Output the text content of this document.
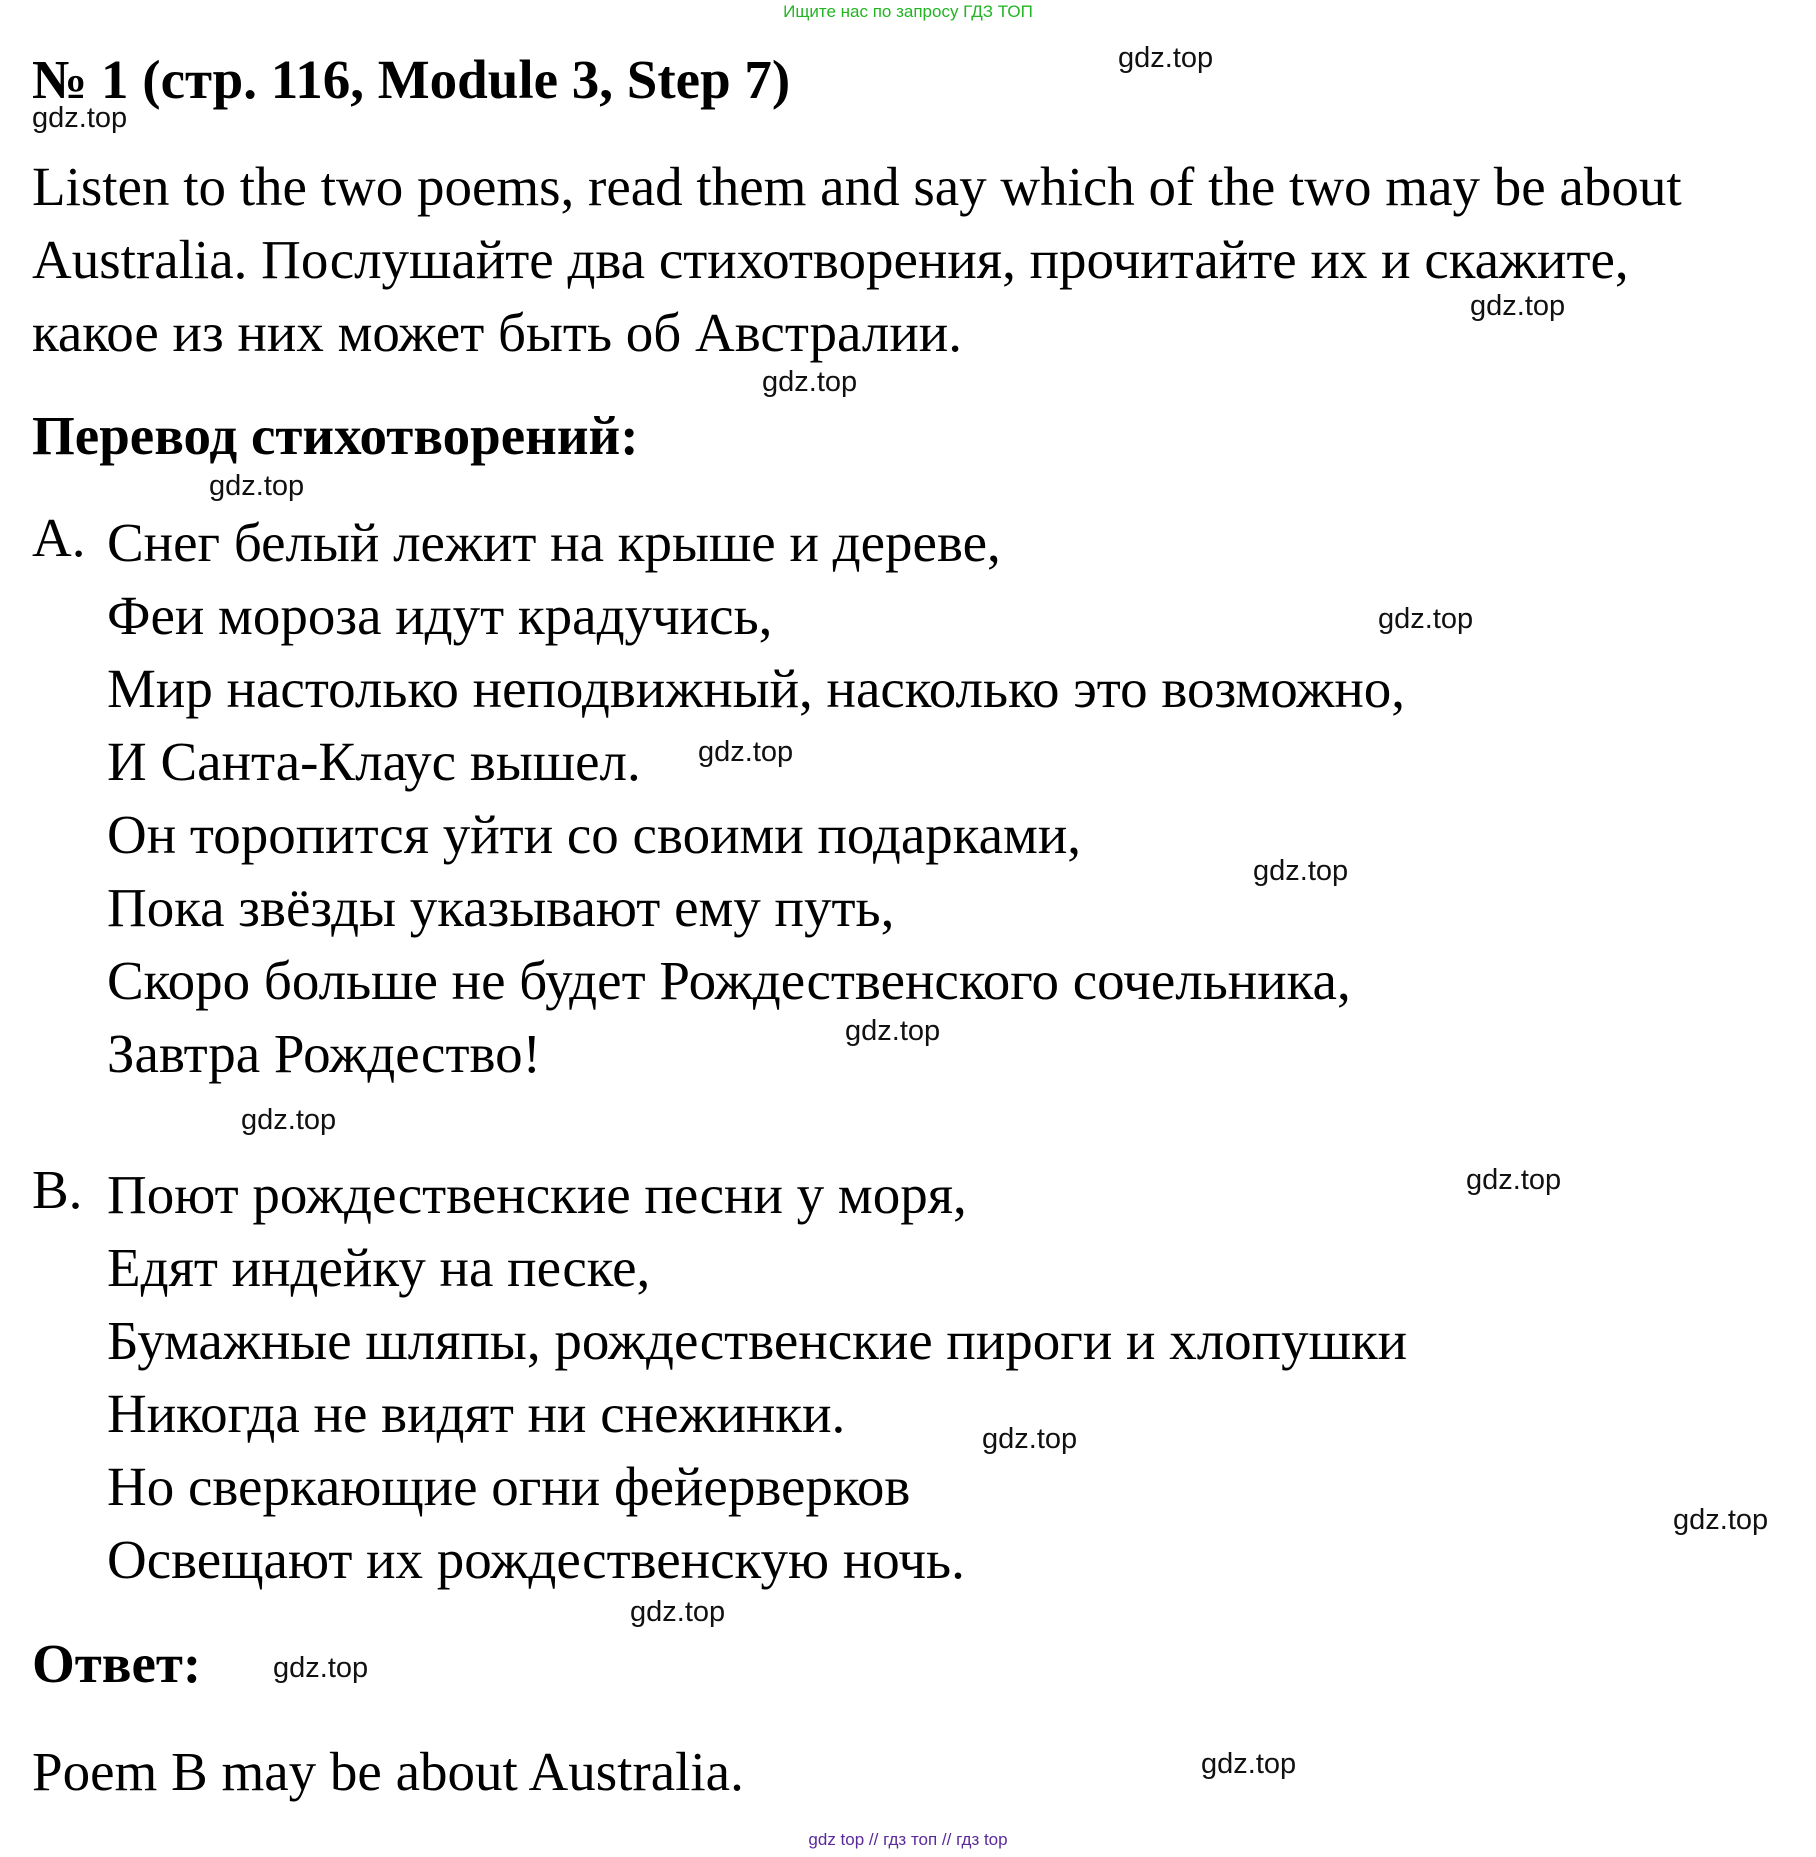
Ищите нас по запросу ГДЗ ТОП
№ 1 (стр. 116, Module 3, Step 7)
Listen to the two poems, read them and say which of the two may be about
Australia. Послушайте два стихотворения, прочитайте их и скажите,
какое из них может быть об Австралии.
Перевод стихотворений:
A. Снег белый лежит на крыше и дереве,
Феи мороза идут крадучись,
Мир настолько неподвижный, насколько это возможно,
И Санта-Клаус вышел.
Он торопится уйти со своими подарками,
Пока звёзды указывают ему путь,
Скоро больше не будет Рождественского сочельника,
Завтра Рождество!
B. Поют рождественские песни у моря,
Едят индейку на песке,
Бумажные шляпы, рождественские пироги и хлопушки
Никогда не видят ни снежинки.
Но сверкающие огни фейерверков
Освещают их рождественскую ночь.
Ответ:
Poem B may be about Australia.
gdz.top
gdz.top
gdz.top
gdz.top
gdz.top
gdz.top
gdz.top
gdz.top
gdz.top
gdz.top
gdz.top
gdz.top
gdz.top
gdz.top
gdz.top
gdz.top
gdz top // гдз топ // гдз top
